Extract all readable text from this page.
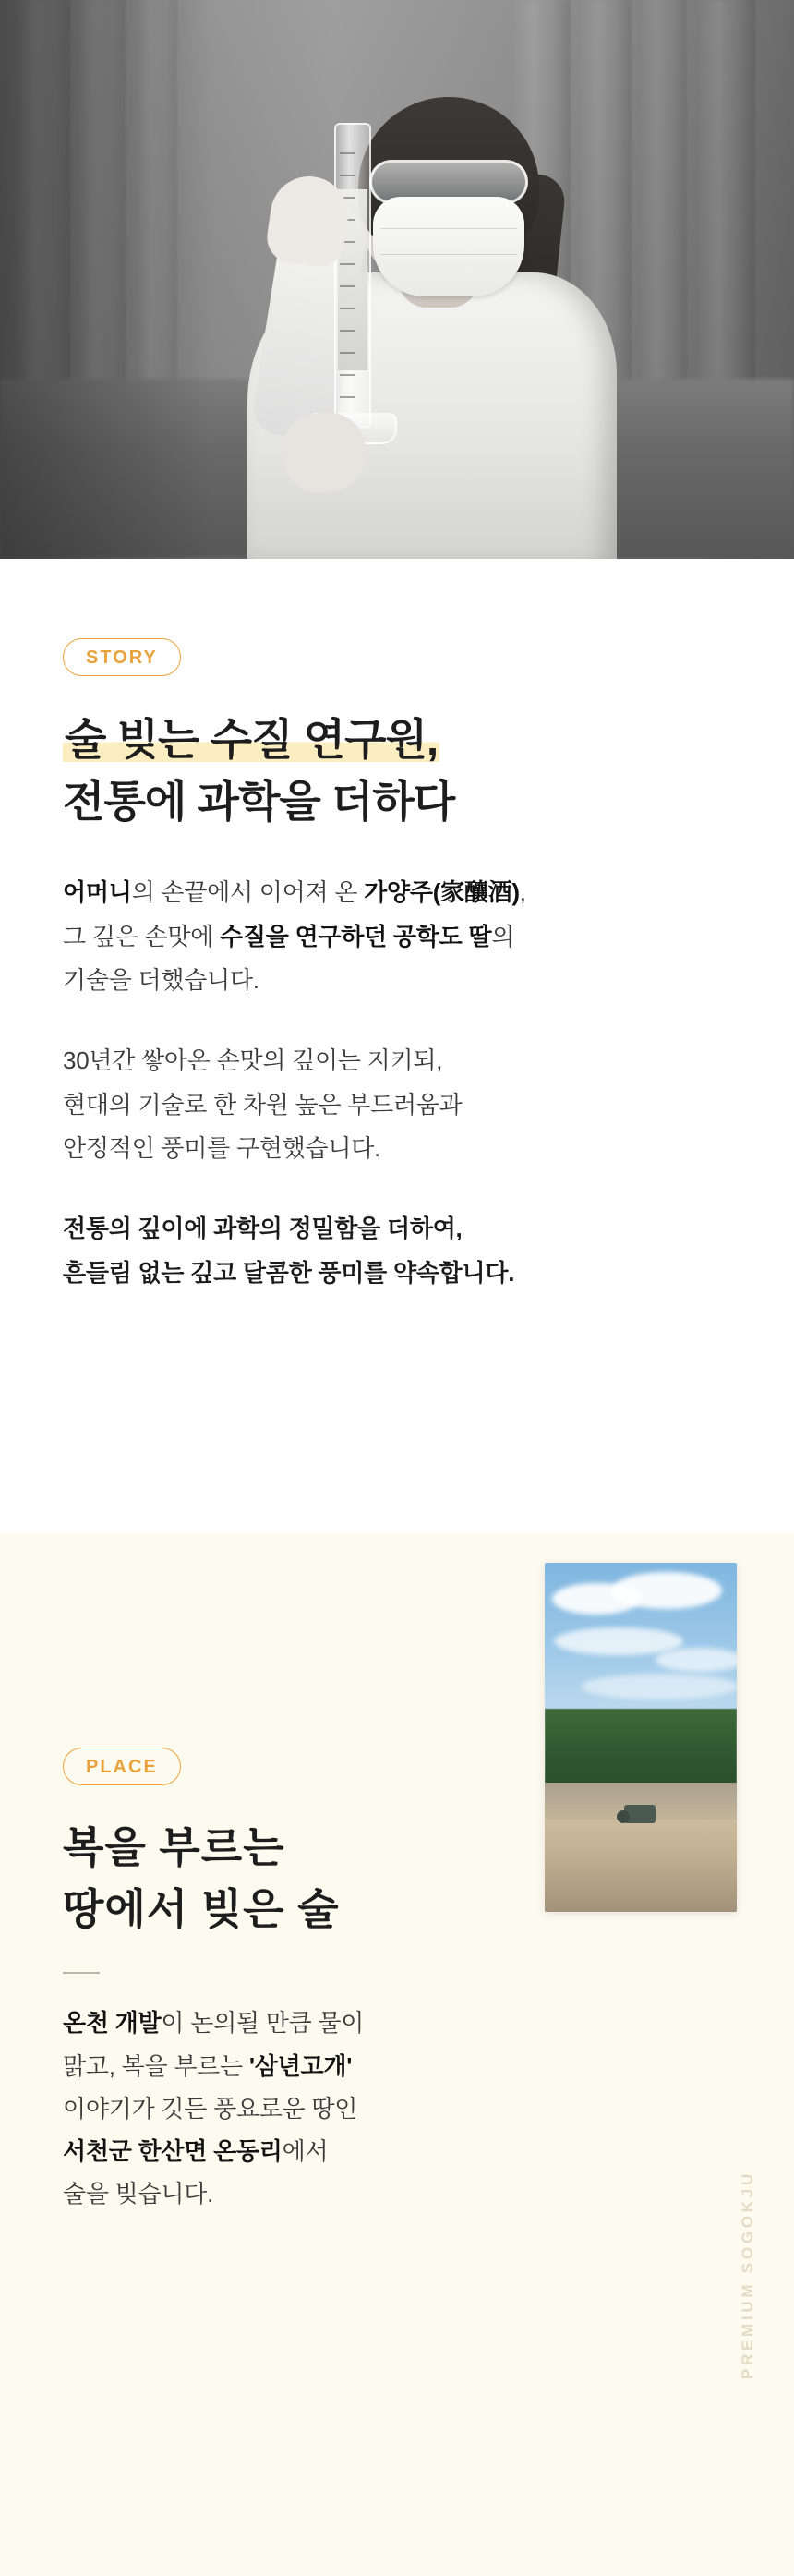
STORY
술 빚는 수질 연구원,
전통에 과학을 더하다

어머니의 손끝에서 이어져 온 가양주(家釀酒),
그 깊은 손맛에 수질을 연구하던 공학도 딸의
기술을 더했습니다.

30년간 쌓아온 손맛의 깊이는 지키되,
현대의 기술로 한 차원 높은 부드러움과
안정적인 풍미를 구현했습니다.

전통의 깊이에 과학의 정밀함을 더하여,
흔들림 없는 깊고 달콤한 풍미를 약속합니다.

PLACE
복을 부르는
땅에서 빚은 술

온천 개발이 논의될 만큼 물이
맑고, 복을 부르는 '삼년고개'
이야기가 깃든 풍요로운 땅인
서천군 한산면 온동리에서
술을 빚습니다.	PREMIUM SOGOKJU
